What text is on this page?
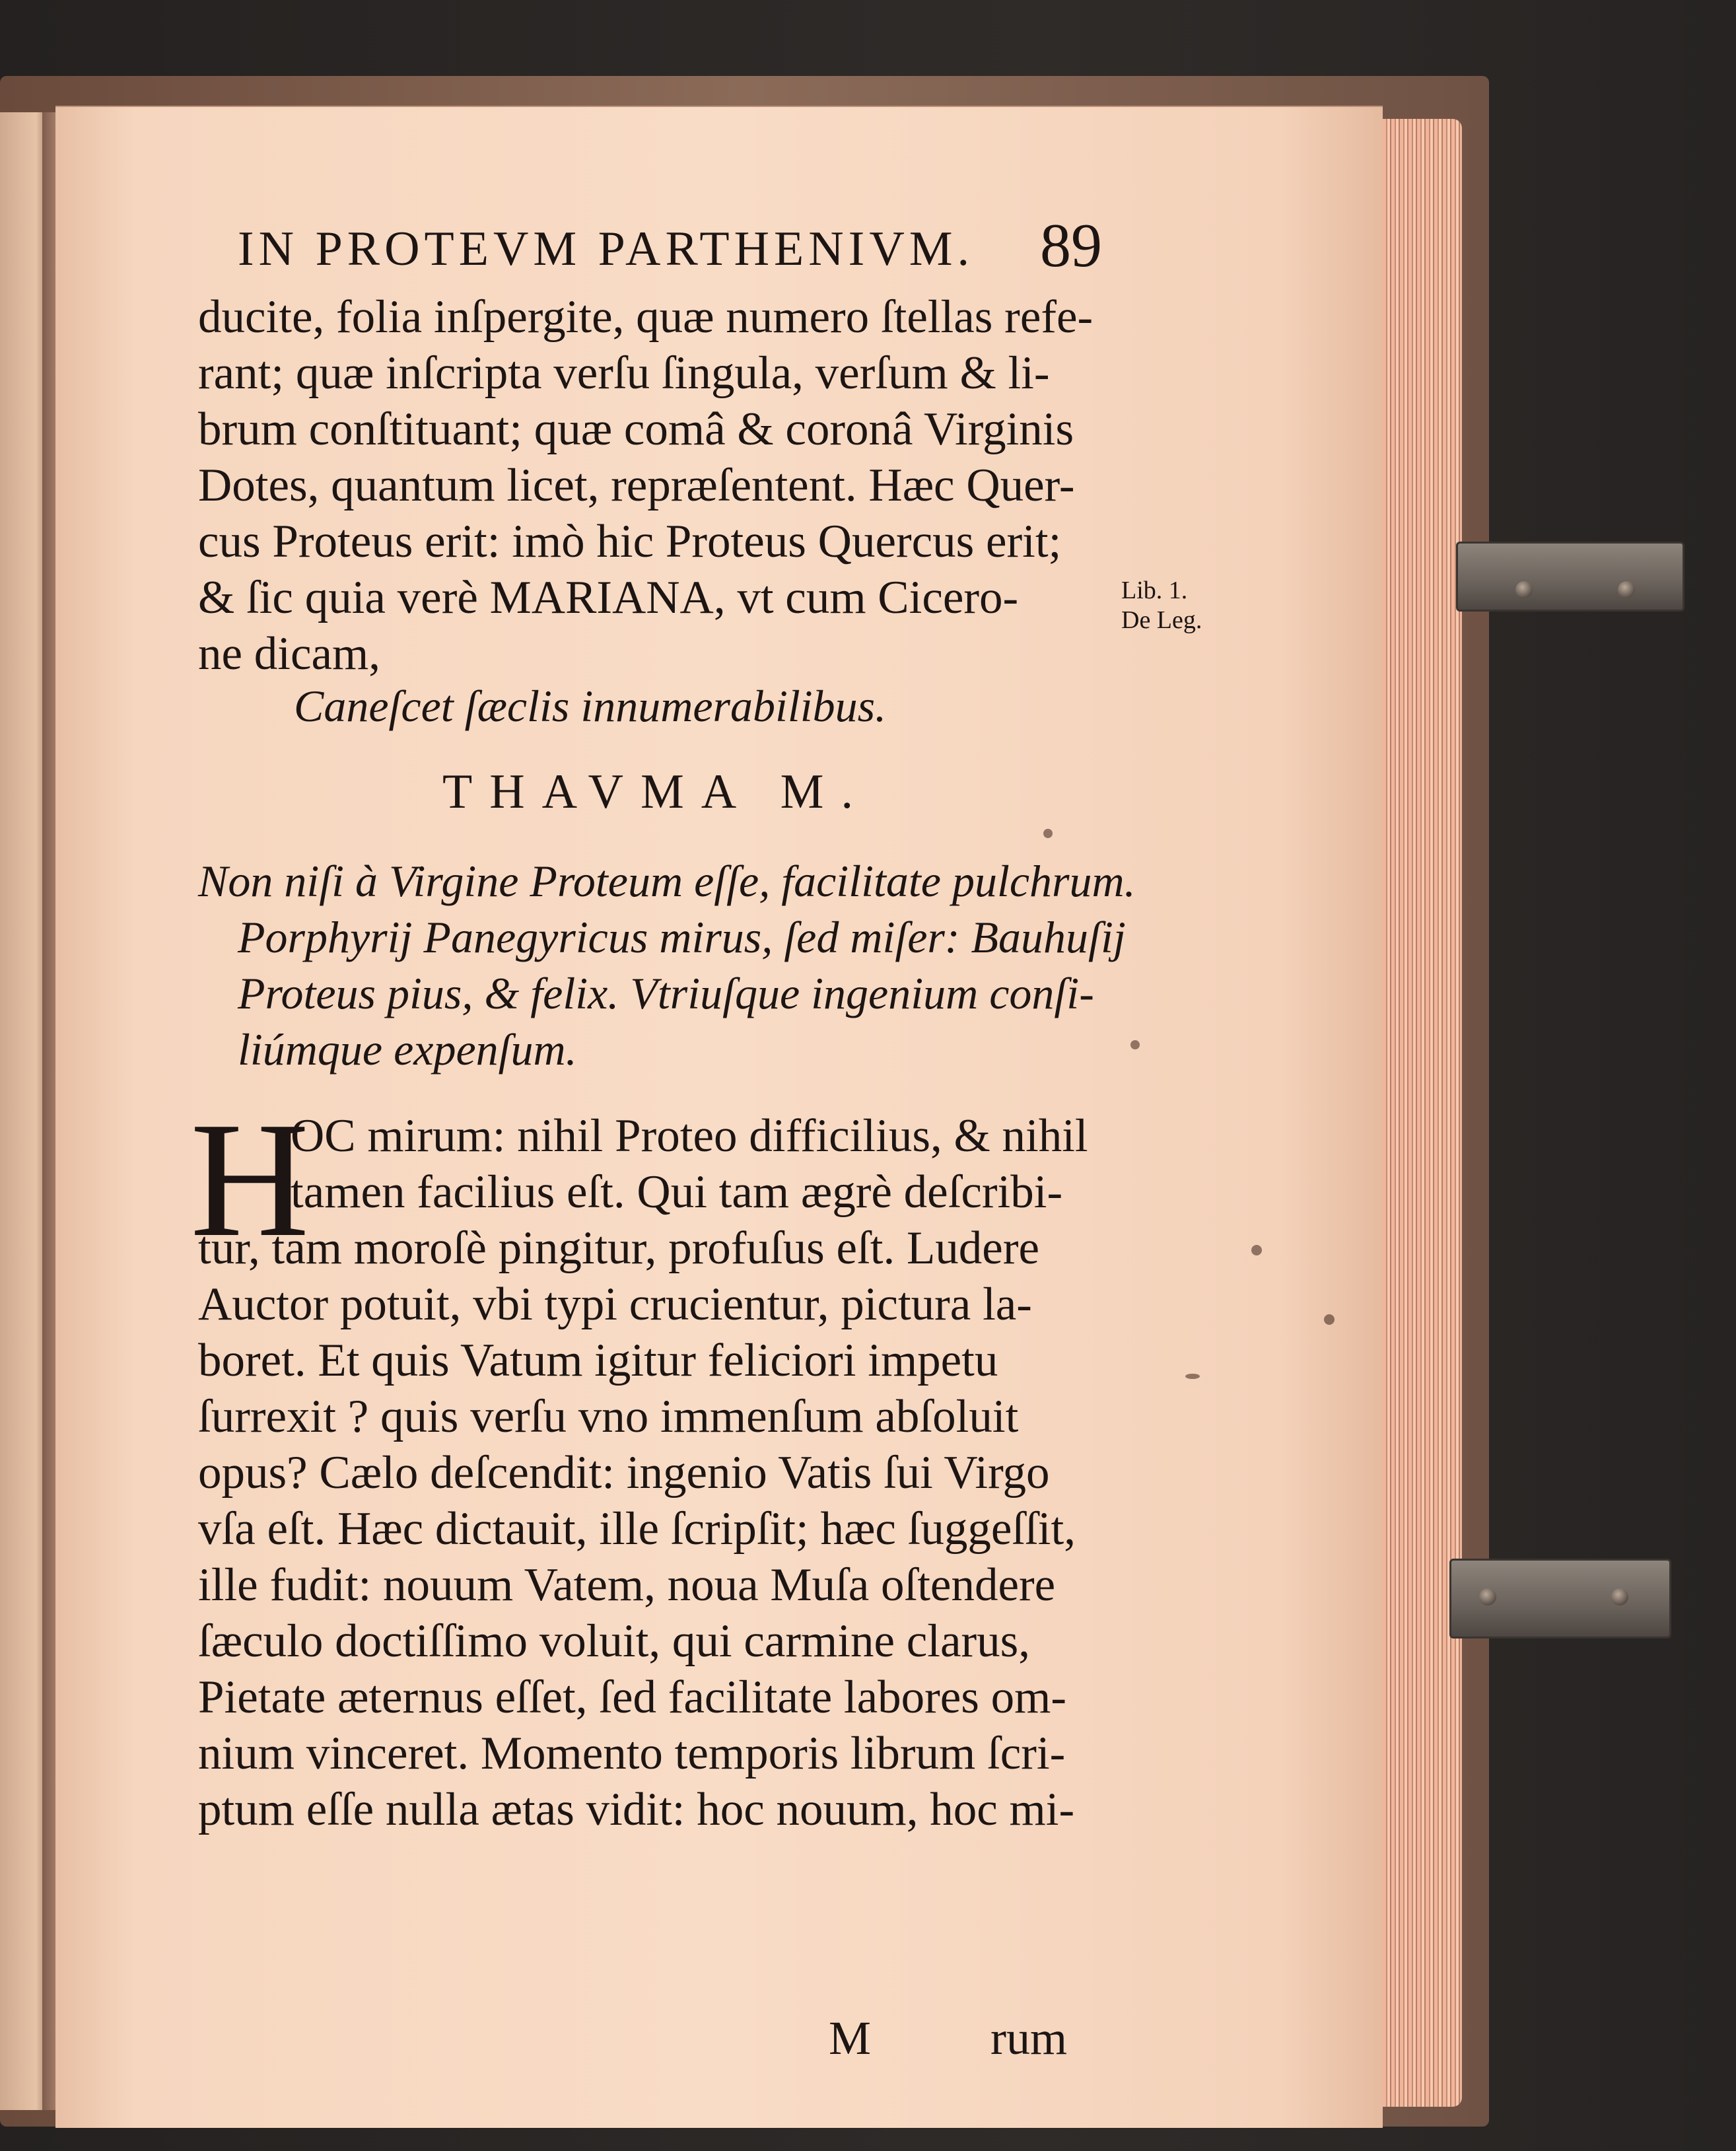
IN PROTEVM PARTHENIVM. 89
ducite, folia inſpergite, quæ numero ſtellas refe-
rant; quæ inſcripta verſu ſingula, verſum & li-
brum conſtituant; quæ comâ & coronâ Virginis
Dotes, quantum licet, repræſentent. Hæc Quer-
cus Proteus erit: imò hic Proteus Quercus erit;
& ſic quia verè MARIANA, vt cum Cicero-
ne dicam,
Lib. 1.
De Leg.
Caneſcet ſæclis innumerabilibus.
THAVMA M.
Non niſi à Virgine Proteum eſſe, facilitate pulchrum.
Porphyrij Panegyricus mirus, ſed miſer: Bauhuſij
Proteus pius, & felix. Vtriuſque ingenium conſi-
liúmque expenſum.
H
OC mirum: nihil Proteo difficilius, & nihil
tamen facilius eſt. Qui tam ægrè deſcribi-
tur, tam moroſè pingitur, profuſus eſt. Ludere
Auctor potuit, vbi typi crucientur, pictura la-
boret. Et quis Vatum igitur feliciori impetu
ſurrexit ? quis verſu vno immenſum abſoluit
opus? Cælo deſcendit: ingenio Vatis ſui Virgo
vſa eſt. Hæc dictauit, ille ſcripſit; hæc ſuggeſſit,
ille fudit: nouum Vatem, noua Muſa oſtendere
ſæculo doctiſſimo voluit, qui carmine clarus,
Pietate æternus eſſet, ſed facilitate labores om-
nium vinceret. Momento temporis librum ſcri-
ptum eſſe nulla ætas vidit: hoc nouum, hoc mi-
M	rum
